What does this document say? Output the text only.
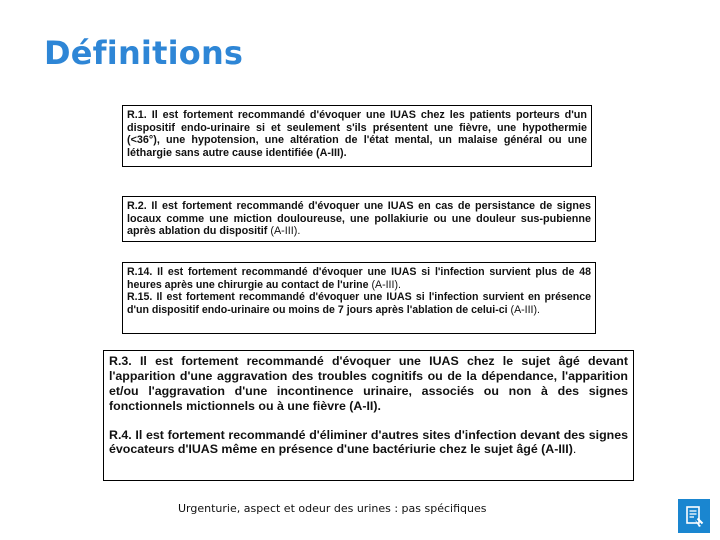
Définitions

R.1. Il est fortement recommandé d'évoquer une IUAS chez les patients porteurs d'un dispositif endo-urinaire si et seulement s'ils présentent une fièvre, une hypothermie (<36°), une hypotension, une altération de l'état mental, un malaise général ou une léthargie sans autre cause identifiée (A-III).

R.2. Il est fortement recommandé d'évoquer une IUAS en cas de persistance de signes locaux comme une miction douloureuse, une pollakiurie ou une douleur sus-pubienne après ablation du dispositif (A-III).

R.14. Il est fortement recommandé d'évoquer une IUAS si l'infection survient plus de 48 heures après une chirurgie au contact de l'urine (A-III).

R.15. Il est fortement recommandé d'évoquer une IUAS si l'infection survient en présence d'un dispositif endo-urinaire ou moins de 7 jours après l'ablation de celui-ci (A-III).

R.3. Il est fortement recommandé d'évoquer une IUAS chez le sujet âgé devant l'apparition d'une aggravation des troubles cognitifs ou de la dépendance, l'apparition et/ou l'aggravation d'une incontinence urinaire, associés ou non à des signes fonctionnels mictionnels ou à une fièvre (A-II).

R.4. Il est fortement recommandé d'éliminer d'autres sites d'infection devant des signes évocateurs d'IUAS même en présence d'une bactériurie chez le sujet âgé (A-III).

Urgenturie, aspect et odeur des urines : pas spécifiques
